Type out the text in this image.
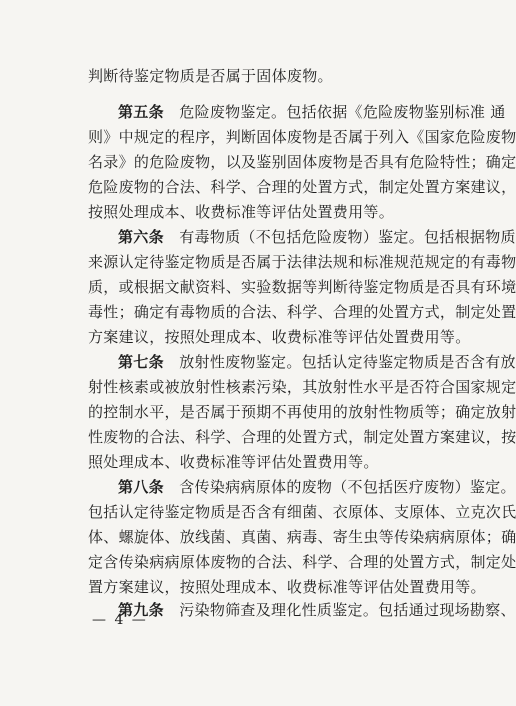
判断待鉴定物质是否属于固体废物。
第五条  危险废物鉴定。包括依据《危险废物鉴别标准 通
则》中规定的程序，判断固体废物是否属于列入《国家危险废物
名录》的危险废物，以及鉴别固体废物是否具有危险特性；确定
危险废物的合法、科学、合理的处置方式，制定处置方案建议，
按照处理成本、收费标准等评估处置费用等。
第六条  有毒物质（不包括危险废物）鉴定。包括根据物质
来源认定待鉴定物质是否属于法律法规和标准规范规定的有毒物
质，或根据文献资料、实验数据等判断待鉴定物质是否具有环境
毒性；确定有毒物质的合法、科学、合理的处置方式，制定处置
方案建议，按照处理成本、收费标准等评估处置费用等。
第七条  放射性废物鉴定。包括认定待鉴定物质是否含有放
射性核素或被放射性核素污染，其放射性水平是否符合国家规定
的控制水平，是否属于预期不再使用的放射性物质等；确定放射
性废物的合法、科学、合理的处置方式，制定处置方案建议，按
照处理成本、收费标准等评估处置费用等。
第八条  含传染病病原体的废物（不包括医疗废物）鉴定。
包括认定待鉴定物质是否含有细菌、衣原体、支原体、立克次氏
体、螺旋体、放线菌、真菌、病毒、寄生虫等传染病病原体；确
定含传染病病原体废物的合法、科学、合理的处置方式，制定处
置方案建议，按照处理成本、收费标准等评估处置费用等。
第九条  污染物筛查及理化性质鉴定。包括通过现场勘察、
— 4 —
